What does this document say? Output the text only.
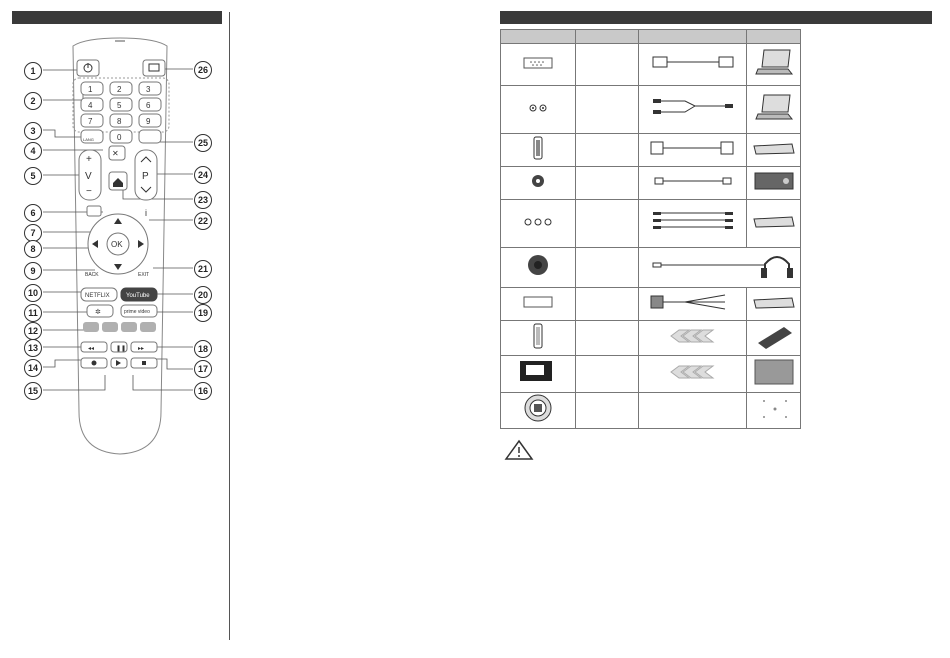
1	2	3
4	5	6
7	8	9
LANG	0
✕
+
V
−
P
i
OK
BACK	EXIT
NETFLIX	YouTube
✲	prime video
◂◂	❚❚ ▸▸
1
2
3
4
5
6
7
8
9
10
11
12
13
14
15
26
25
24
23
22
21
20
19
18
17
16
